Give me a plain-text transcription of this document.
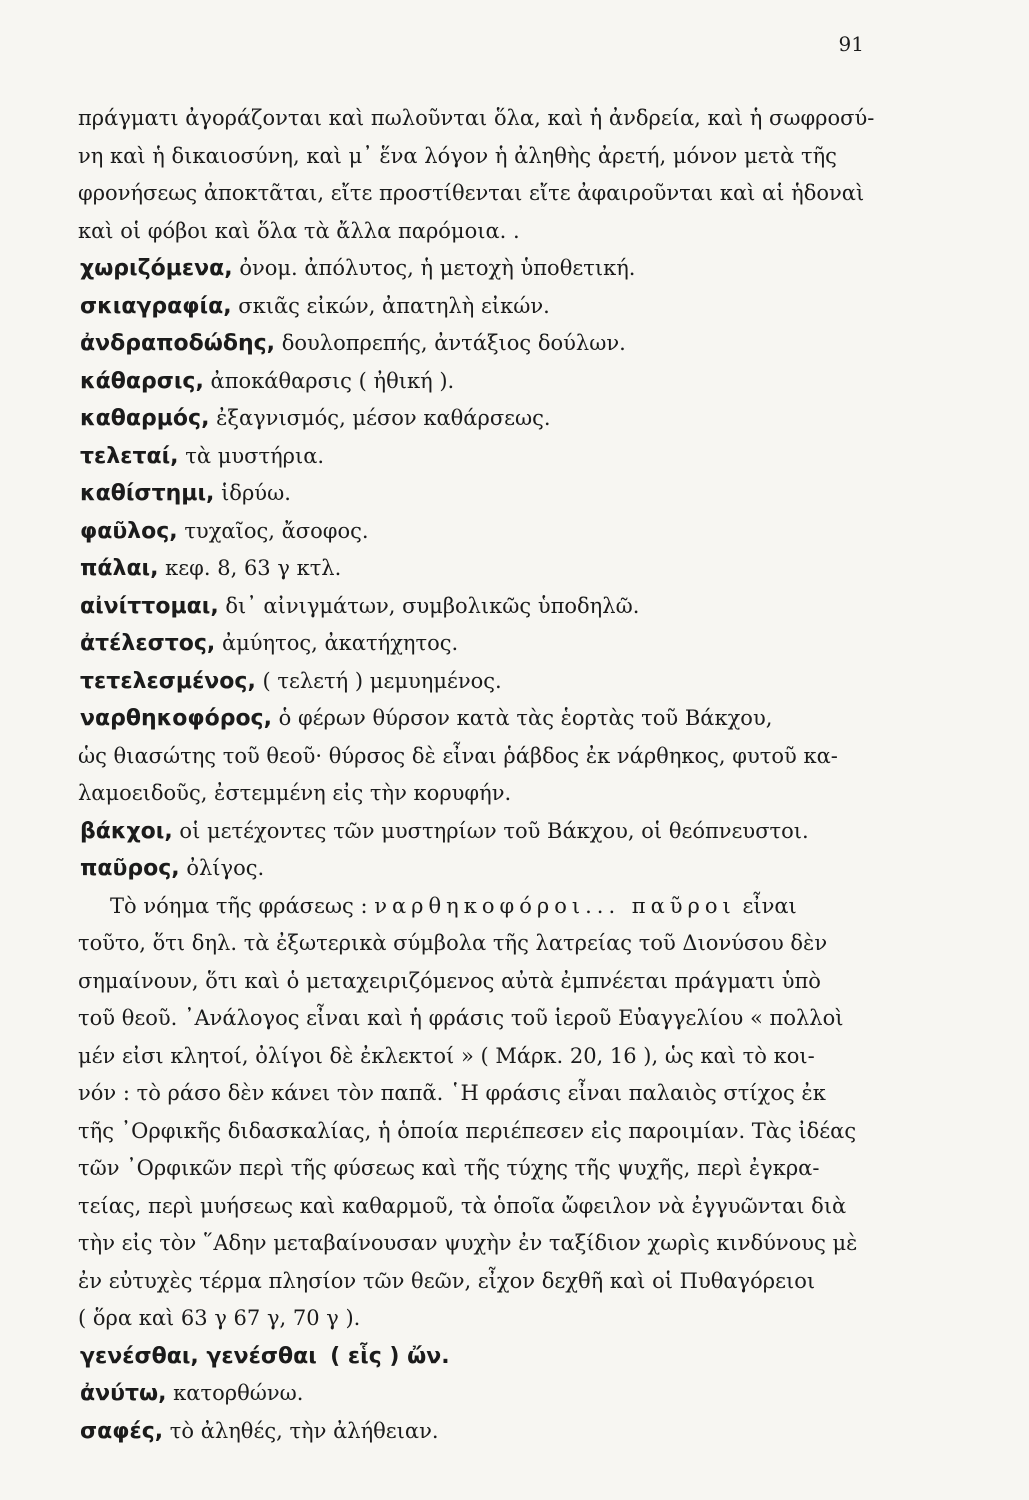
91
πράγματι ἀγοράζονται καὶ πωλοῦνται ὅλα, καὶ ἡ ἀνδρεία, καὶ ἡ σωφροσύ-
νη καὶ ἡ δικαιοσύνη, καὶ μ᾽ ἕνα λόγον ἡ ἀληθὴς ἀρετή, μόνον μετὰ τῆς
φρονήσεως ἀποκτᾶται, εἴτε προστίθενται εἴτε ἀφαιροῦνται καὶ αἱ ἡδοναὶ
καὶ οἱ φόβοι καὶ ὅλα τὰ ἄλλα παρόμοια. .
χωριζόμενα, ὀνομ. ἀπόλυτος, ἡ μετοχὴ ὑποθετική.
σκιαγραφία, σκιᾶς εἰκών, ἀπατηλὴ εἰκών.
ἀνδραποδώδης, δουλοπρεπής, ἀντάξιος δούλων.
κάθαρσις, ἀποκάθαρσις ( ἠθική ).
καθαρμός, ἐξαγνισμός, μέσον καθάρσεως.
τελεταί, τὰ μυστήρια.
καθίστημι, ἱδρύω.
φαῦλος, τυχαῖος, ἄσοφος.
πάλαι, κεφ. 8, 63 γ κτλ.
αἰνίττομαι, δι᾽ αἰνιγμάτων, συμβολικῶς ὑποδηλῶ.
ἀτέλεστος, ἀμύητος, ἀκατήχητος.
τετελεσμένος, ( τελετή ) μεμυημένος.
ναρθηκοφόρος, ὁ φέρων θύρσον κατὰ τὰς ἑορτὰς τοῦ Βάκχου,
ὡς θιασώτης τοῦ θεοῦ· θύρσος δὲ εἶναι ῥάβδος ἐκ νάρθηκος, φυτοῦ κα-
λαμοειδοῦς, ἐστεμμένη εἰς τὴν κορυφήν.
βάκχοι, οἱ μετέχοντες τῶν μυστηρίων τοῦ Βάκχου, οἱ θεόπνευστοι.
παῦρος, ὀλίγος.
Τὸ νόημα τῆς φράσεως : ναρθηκοφόροι... παῦροι εἶναι
τοῦτο, ὅτι δηλ. τὰ ἐξωτερικὰ σύμβολα τῆς λατρείας τοῦ Διονύσου δὲν
σημαίνουν, ὅτι καὶ ὁ μεταχειριζόμενος αὐτὰ ἐμπνέεται πράγματι ὑπὸ
τοῦ θεοῦ. ᾿Ανάλογος εἶναι καὶ ἡ φράσις τοῦ ἱεροῦ Εὐαγγελίου « πολλοὶ
μέν εἰσι κλητοί, ὀλίγοι δὲ ἐκλεκτοί » ( Μάρκ. 20, 16 ), ὡς καὶ τὸ κοι-
νόν : τὸ ράσο δὲν κάνει τὸν παπᾶ. ῾Η φράσις εἶναι παλαιὸς στίχος ἐκ
τῆς ᾿Ορφικῆς διδασκαλίας, ἡ ὁποία περιέπεσεν εἰς παροιμίαν. Τὰς ἰδέας
τῶν ᾿Ορφικῶν περὶ τῆς φύσεως καὶ τῆς τύχης τῆς ψυχῆς, περὶ ἐγκρα-
τείας, περὶ μυήσεως καὶ καθαρμοῦ, τὰ ὁποῖα ὤφειλον νὰ ἐγγυῶνται διὰ
τὴν εἰς τὸν ῞Αδην μεταβαίνουσαν ψυχὴν ἐν ταξίδιον χωρὶς κινδύνους μὲ
ἐν εὐτυχὲς τέρμα πλησίον τῶν θεῶν, εἶχον δεχθῆ καὶ οἱ Πυθαγόρειοι
( ὅρα καὶ 63 γ 67 γ, 70 γ ).
γενέσθαι, γενέσθαι ( εἷς ) ὤν.
ἀνύτω, κατορθώνω.
σαφές, τὸ ἀληθές, τὴν ἀλήθειαν.
